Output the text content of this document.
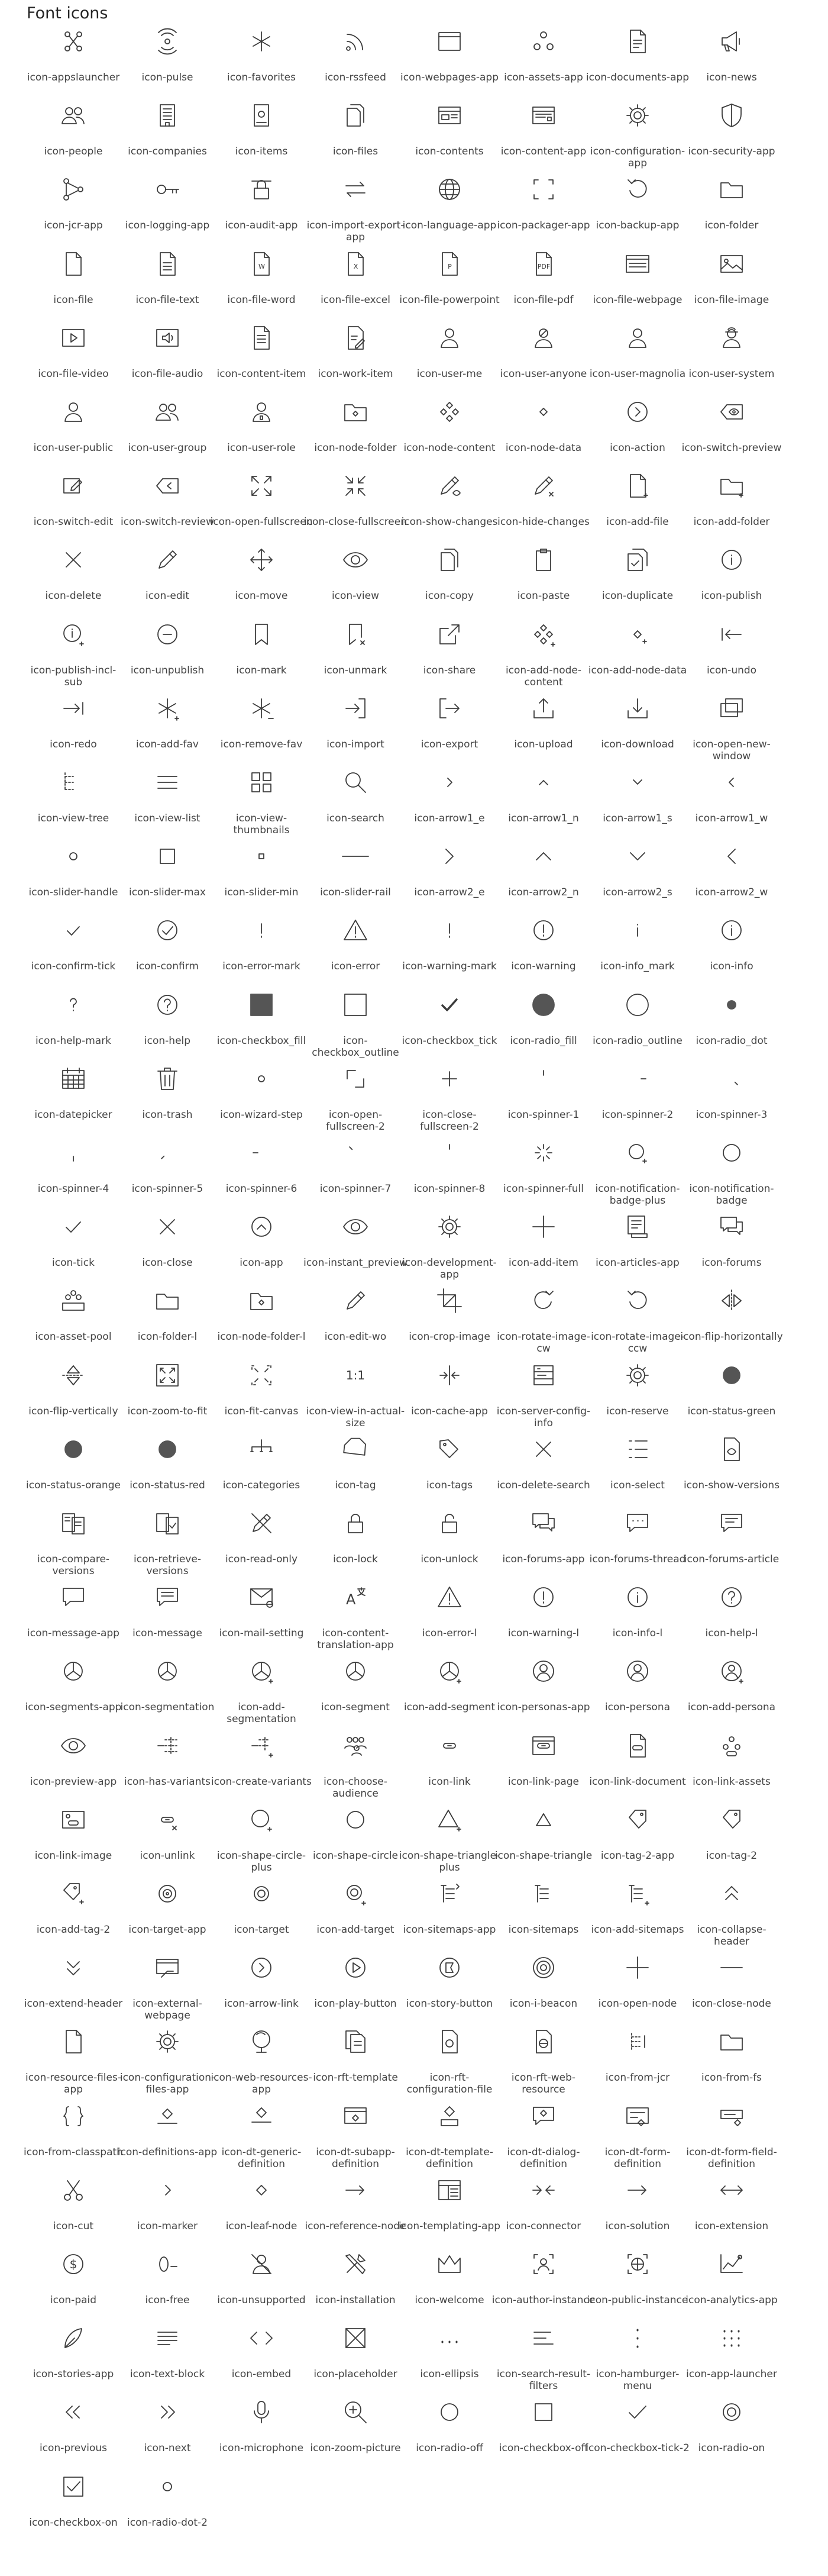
Font icons
icon-appslauncher	icon-pulse	icon-favorites	icon-rssfeed	icon-webpages-app icon-assets-app icon-documents-app	icon-news
icon-people	icon-companies	icon-items	icon-files	icon-contents	icon-content-app icon-configuration-
app
icon-security-app
icon-jcr-app	icon-logging-app	icon-audit-app icon-import-export-
app
icon-language-app icon-packager-app icon-backup-app	icon-folder
icon-file	icon-file-text
W
icon-file-word
X
icon-file-excel
P
icon-file-powerpoint
PDF
icon-file-pdf	icon-file-webpage	icon-file-image
icon-file-video	icon-file-audio	icon-content-item	icon-work-item	icon-user-me	icon-user-anyone icon-user-magnolia icon-user-system
icon-user-public	icon-user-group	icon-user-role	icon-node-folder icon-node-content	icon-node-data	icon-action	icon-switch-preview
icon-switch-edit icon-switch-review
icon-open-fullscreen
icon-close-fullscreen
icon-show-changes icon-hide-changes	icon-add-file	icon-add-folder
icon-delete	icon-edit	icon-move	icon-view	icon-copy	icon-paste	icon-duplicate	icon-publish
icon-publish-incl-
sub
icon-unpublish	icon-mark	icon-unmark	icon-share	icon-add-node-
content
icon-add-node-data	icon-undo
icon-redo	icon-add-fav	icon-remove-fav	icon-import	icon-export	icon-upload	icon-download	icon-open-new-
window
icon-view-tree	icon-view-list	icon-view-
thumbnails
icon-search	icon-arrow1_e	icon-arrow1_n	icon-arrow1_s	icon-arrow1_w
icon-slider-handle	icon-slider-max	icon-slider-min	icon-slider-rail	icon-arrow2_e	icon-arrow2_n	icon-arrow2_s	icon-arrow2_w
icon-confirm-tick	icon-confirm	icon-error-mark	icon-error	icon-warning-mark	icon-warning	icon-info_mark	icon-info
icon-help-mark	icon-help	icon-checkbox_fill	icon-
checkbox_outline
icon-checkbox_tick	icon-radio_fill	icon-radio_outline	icon-radio_dot
icon-datepicker	icon-trash	icon-wizard-step	icon-open-
fullscreen-2
icon-close-
fullscreen-2
icon-spinner-1	icon-spinner-2	icon-spinner-3
icon-spinner-4	icon-spinner-5	icon-spinner-6	icon-spinner-7	icon-spinner-8	icon-spinner-full	icon-notification-
badge-plus
icon-notification-
badge
icon-tick	icon-close	icon-app	icon-instant_preview
icon-development-
app
icon-add-item	icon-articles-app	icon-forums
icon-asset-pool	icon-folder-l	icon-node-folder-l	icon-edit-wo	icon-crop-image icon-rotate-image-
cw
icon-rotate-image-
ccw
icon-flip-horizontally
icon-flip-vertically icon-zoom-to-fit	icon-fit-canvas
1:1
icon-view-in-actual-
size
icon-cache-app icon-server-config-
info
icon-reserve	icon-status-green
icon-status-orange icon-status-red	icon-categories	icon-tag	icon-tags	icon-delete-search	icon-select	icon-show-versions
icon-compare-
versions
icon-retrieve-
versions
icon-read-only	icon-lock	icon-unlock	icon-forums-app icon-forums-thread
icon-forums-article
icon-message-app	icon-message	icon-mail-setting
A
icon-content-
translation-app
icon-error-l	icon-warning-l	icon-info-l	icon-help-l
icon-segments-app
icon-segmentation	icon-add-
segmentation
icon-segment	icon-add-segment icon-personas-app	icon-persona	icon-add-persona
icon-preview-app icon-has-variants icon-create-variants	icon-choose-
audience
icon-link	icon-link-page	icon-link-document icon-link-assets
icon-link-image	icon-unlink	icon-shape-circle-
plus
icon-shape-circle icon-shape-triangle-
plus
icon-shape-triangle icon-tag-2-app	icon-tag-2
icon-add-tag-2	icon-target-app	icon-target	icon-add-target icon-sitemaps-app	icon-sitemaps	icon-add-sitemaps	icon-collapse-header
icon-extend-header	icon-external-
webpage
icon-arrow-link	icon-play-button icon-story-button	icon-i-beacon	icon-open-node	icon-close-node
icon-resource-files-
app
icon-configuration-
files-app
icon-web-resources-
app
icon-rft-template	icon-rft-
configuration-file
icon-rft-web-
resource
icon-from-jcr	icon-from-fs
icon-from-classpath
icon-definitions-app icon-dt-generic-
definition
icon-dt-subapp-
definition
icon-dt-template-
definition
icon-dt-dialog-
definition
icon-dt-form-
definition
icon-dt-form-field-
definition
icon-cut	icon-marker	icon-leaf-node icon-reference-node
icon-templating-app icon-connector	icon-solution	icon-extension
$
icon-paid	icon-free	icon-unsupported icon-installation	icon-welcome icon-author-instance
icon-public-instance
icon-analytics-app
icon-stories-app	icon-text-block	icon-embed	icon-placeholder	icon-ellipsis	icon-search-result-
filters
icon-hamburger-
menu
icon-app-launcher
icon-previous	icon-next	icon-microphone icon-zoom-picture	icon-radio-off	icon-checkbox-off
icon-checkbox-tick-2 icon-radio-on
icon-checkbox-on icon-radio-dot-2
